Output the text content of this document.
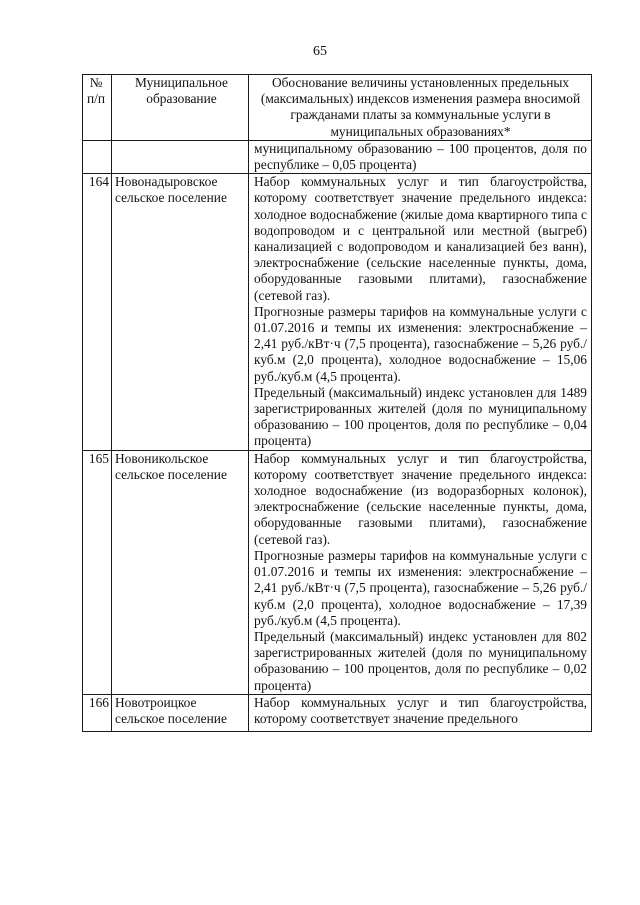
65
№ п/п	Муниципальное образование	Обоснование величины установленных предельных (максимальных) индексов изменения размера вносимой гражданами платы за коммунальные услуги в муниципальных образованиях*

		муниципальному образованию – 100 процентов, доля по республике – 0,05 процента)

164	Новонадыровское сельское поселение	Набор коммунальных услуг и тип благоустройства, которому соответствует значение предельного индекса: холодное водоснабжение (жилые дома квартирного типа с водопроводом и с центральной или местной (выгреб) канализацией с водопроводом и канализацией без ванн), электроснабжение (сельские населенные пункты, дома, оборудованные газовыми плитами), газоснабжение (сетевой газ).

Прогнозные размеры тарифов на коммунальные услуги с 01.07.2016 и темпы их изменения: электроснабжение – 2,41 руб./кВт·ч (7,5 процента), газоснабжение – 5,26 руб./куб.м (2,0 процента), холодное водоснабжение – 15,06 руб./куб.м (4,5 процента).

Предельный (максимальный) индекс установлен для 1489 зарегистрированных жителей (доля по муниципальному образованию – 100 процентов, доля по республике – 0,04 процента)

165	Новоникольское сельское поселение	Набор коммунальных услуг и тип благоустройства, которому соответствует значение предельного индекса: холодное водоснабжение (из водоразборных колонок), электроснабжение (сельские населенные пункты, дома, оборудованные газовыми плитами), газоснабжение (сетевой газ).

Прогнозные размеры тарифов на коммунальные услуги с 01.07.2016 и темпы их изменения: электроснабжение – 2,41 руб./кВт·ч (7,5 процента), газоснабжение – 5,26 руб./куб.м (2,0 процента), холодное водоснабжение – 17,39 руб./куб.м (4,5 процента).

Предельный (максимальный) индекс установлен для 802 зарегистрированных жителей (доля по муниципальному образованию – 100 процентов, доля по республике – 0,02 процента)

166	Новотроицкое сельское поселение	Набор коммунальных услуг и тип благоустройства, которому соответствует значение предельного
